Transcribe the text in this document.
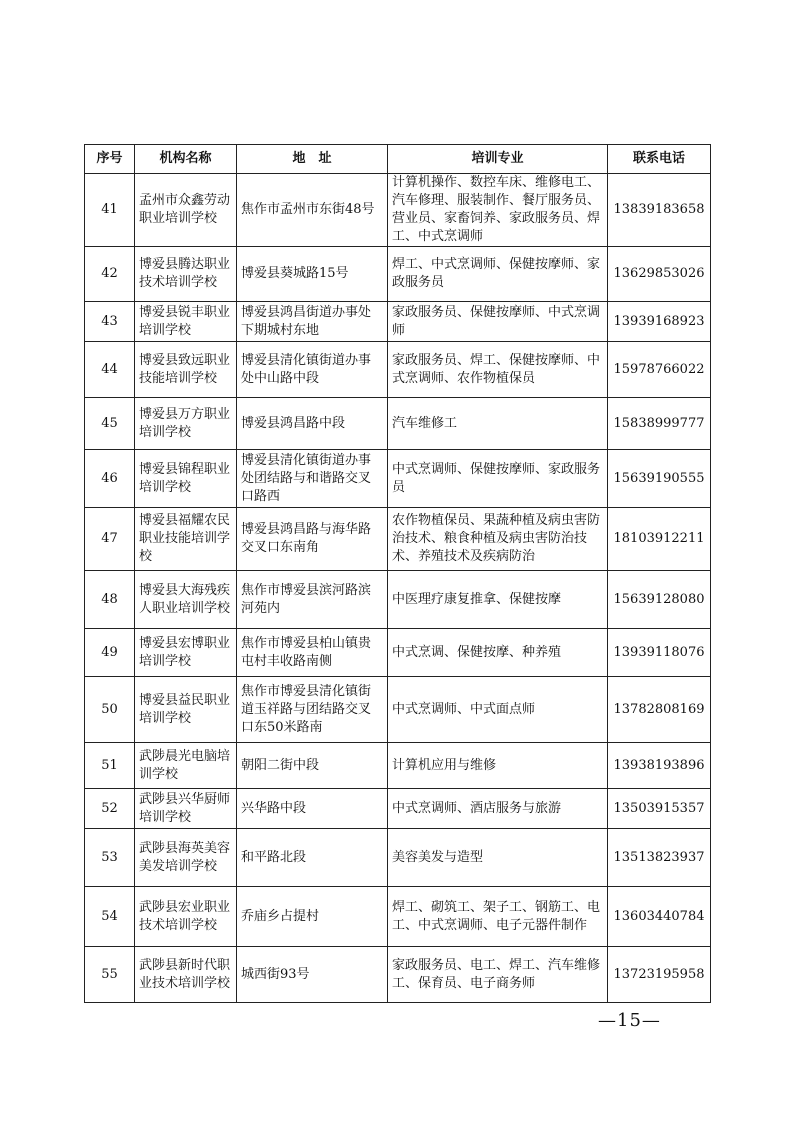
序号	机构名称	地　址	培训专业	联系电话
41	孟州市众鑫劳动职业培训学校	焦作市孟州市东街48号	计算机操作、数控车床、维修电工、汽车修理、服装制作、餐厅服务员、营业员、家畜饲养、家政服务员、焊工、中式烹调师	13839183658
42	博爱县腾达职业技术培训学校	博爱县葵城路15号	焊工、中式烹调师、保健按摩师、家政服务员	13629853026
43	博爱县锐丰职业培训学校	博爱县鸿昌街道办事处下期城村东地	家政服务员、保健按摩师、中式烹调师	13939168923
44	博爱县致远职业技能培训学校	博爱县清化镇街道办事处中山路中段	家政服务员、焊工、保健按摩师、中式烹调师、农作物植保员	15978766022
45	博爱县万方职业培训学校	博爱县鸿昌路中段	汽车维修工	15838999777
46	博爱县锦程职业培训学校	博爱县清化镇街道办事处团结路与和谐路交叉口路西	中式烹调师、保健按摩师、家政服务员	15639190555
47	博爱县福耀农民职业技能培训学校	博爱县鸿昌路与海华路交叉口东南角	农作物植保员、果蔬种植及病虫害防治技术、粮食种植及病虫害防治技术、养殖技术及疾病防治	18103912211
48	博爱县大海残疾人职业培训学校	焦作市博爱县滨河路滨河苑内	中医理疗康复推拿、保健按摩	15639128080
49	博爱县宏博职业培训学校	焦作市博爱县柏山镇贵屯村丰收路南侧	中式烹调、保健按摩、种养殖	13939118076
50	博爱县益民职业培训学校	焦作市博爱县清化镇街道玉祥路与团结路交叉口东50米路南	中式烹调师、中式面点师	13782808169
51	武陟晨光电脑培训学校	朝阳二街中段	计算机应用与维修	13938193896
52	武陟县兴华厨师培训学校	兴华路中段	中式烹调师、酒店服务与旅游	13503915357
53	武陟县海英美容美发培训学校	和平路北段	美容美发与造型	13513823937
54	武陟县宏业职业技术培训学校	乔庙乡占提村	焊工、砌筑工、架子工、钢筋工、电工、中式烹调师、电子元器件制作	13603440784
55	武陟县新时代职业技术培训学校	城西街93号	家政服务员、电工、焊工、汽车维修工、保育员、电子商务师	13723195958
—15—
